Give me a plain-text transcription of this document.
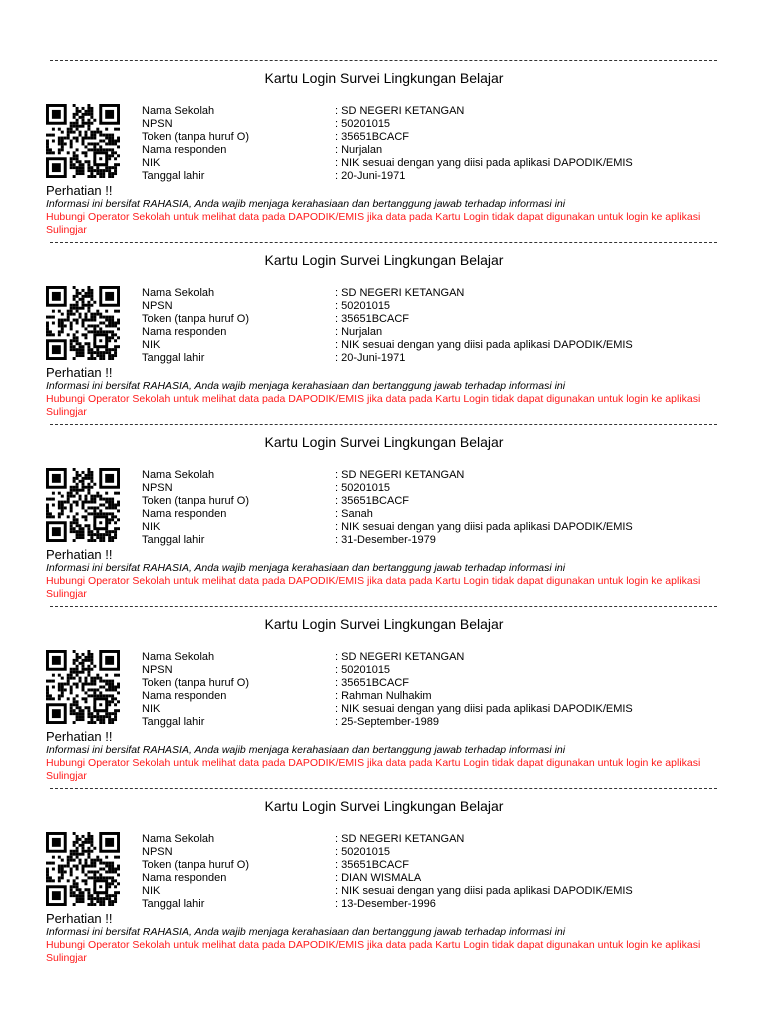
Kartu Login Survei Lingkungan Belajar
Nama Sekolah	: SD NEGERI KETANGAN
NPSN	: 50201015
Token (tanpa huruf O)	: 35651BCACF
Nama responden	: Nurjalan
NIK	: NIK sesuai dengan yang diisi pada aplikasi DAPODIK/EMIS
Tanggal lahir	: 20-Juni-1971
Perhatian !!
Informasi ini bersifat RAHASIA, Anda wajib menjaga kerahasiaan dan bertanggung jawab terhadap informasi ini
Hubungi Operator Sekolah untuk melihat data pada DAPODIK/EMIS jika data pada Kartu Login tidak dapat digunakan untuk login ke aplikasi Sulingjar
Kartu Login Survei Lingkungan Belajar
Nama Sekolah	: SD NEGERI KETANGAN
NPSN	: 50201015
Token (tanpa huruf O)	: 35651BCACF
Nama responden	: Nurjalan
NIK	: NIK sesuai dengan yang diisi pada aplikasi DAPODIK/EMIS
Tanggal lahir	: 20-Juni-1971
Perhatian !!
Informasi ini bersifat RAHASIA, Anda wajib menjaga kerahasiaan dan bertanggung jawab terhadap informasi ini
Hubungi Operator Sekolah untuk melihat data pada DAPODIK/EMIS jika data pada Kartu Login tidak dapat digunakan untuk login ke aplikasi Sulingjar
Kartu Login Survei Lingkungan Belajar
Nama Sekolah	: SD NEGERI KETANGAN
NPSN	: 50201015
Token (tanpa huruf O)	: 35651BCACF
Nama responden	: Sanah
NIK	: NIK sesuai dengan yang diisi pada aplikasi DAPODIK/EMIS
Tanggal lahir	: 31-Desember-1979
Perhatian !!
Informasi ini bersifat RAHASIA, Anda wajib menjaga kerahasiaan dan bertanggung jawab terhadap informasi ini
Hubungi Operator Sekolah untuk melihat data pada DAPODIK/EMIS jika data pada Kartu Login tidak dapat digunakan untuk login ke aplikasi Sulingjar
Kartu Login Survei Lingkungan Belajar
Nama Sekolah	: SD NEGERI KETANGAN
NPSN	: 50201015
Token (tanpa huruf O)	: 35651BCACF
Nama responden	: Rahman Nulhakim
NIK	: NIK sesuai dengan yang diisi pada aplikasi DAPODIK/EMIS
Tanggal lahir	: 25-September-1989
Perhatian !!
Informasi ini bersifat RAHASIA, Anda wajib menjaga kerahasiaan dan bertanggung jawab terhadap informasi ini
Hubungi Operator Sekolah untuk melihat data pada DAPODIK/EMIS jika data pada Kartu Login tidak dapat digunakan untuk login ke aplikasi Sulingjar
Kartu Login Survei Lingkungan Belajar
Nama Sekolah	: SD NEGERI KETANGAN
NPSN	: 50201015
Token (tanpa huruf O)	: 35651BCACF
Nama responden	: DIAN WISMALA
NIK	: NIK sesuai dengan yang diisi pada aplikasi DAPODIK/EMIS
Tanggal lahir	: 13-Desember-1996
Perhatian !!
Informasi ini bersifat RAHASIA, Anda wajib menjaga kerahasiaan dan bertanggung jawab terhadap informasi ini
Hubungi Operator Sekolah untuk melihat data pada DAPODIK/EMIS jika data pada Kartu Login tidak dapat digunakan untuk login ke aplikasi Sulingjar
